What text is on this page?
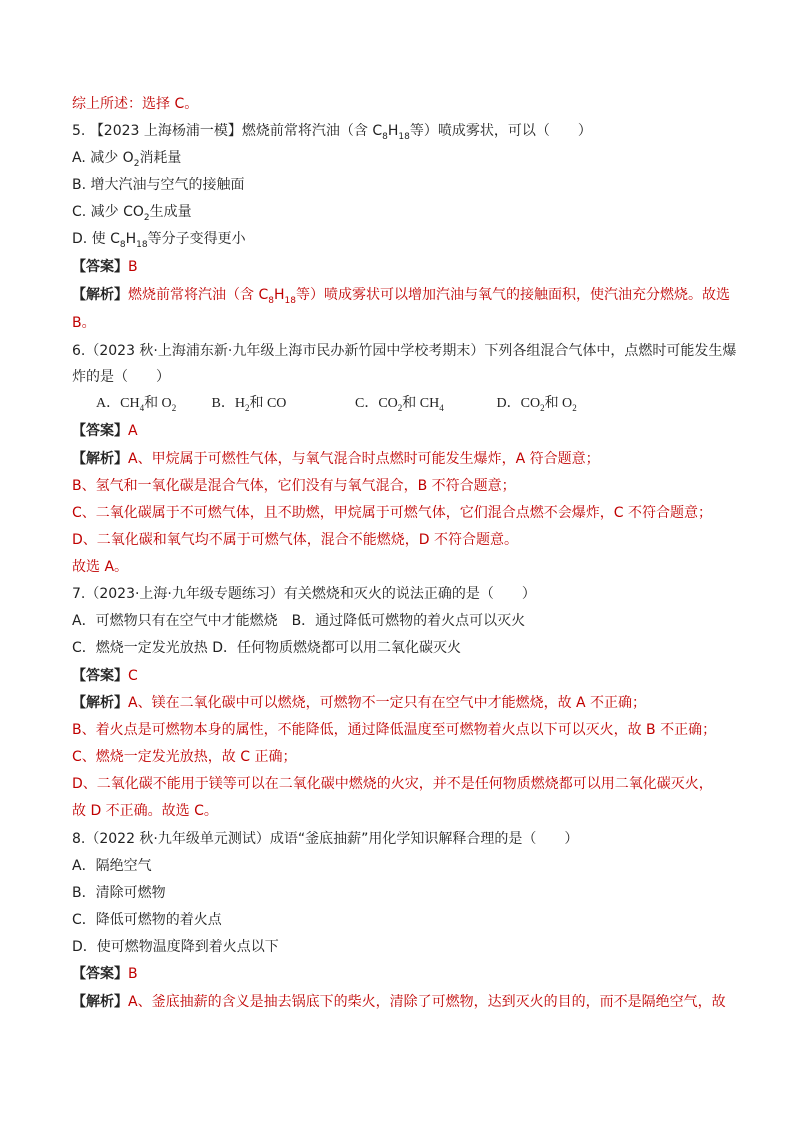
综上所述：选择 C。
5. 【2023 上海杨浦一模】燃烧前常将汽油（含 $C_8H_{18}$等）喷成雾状，可以（　　）
A. 减少 $O_2$消耗量
B. 增大汽油与空气的接触面
C. 减少 $CO_2$生成量
D. 使 $C_8H_{18}$等分子变得更小
【答案】B
【解析】燃烧前常将汽油（含 $C_8H_{18}$等）喷成雾状可以增加汽油与氧气的接触面积，使汽油充分燃烧。故选
B。
6.（2023 秋·上海浦东新·九年级上海市民办新竹园中学校考期末）下列各组混合气体中，点燃时可能发生爆
炸的是（　　）
A．$CH_4$和 $O_2$	B．$H_2$和 CO	C．$CO_2$和 $CH_4$	D．$CO_2$和 $O_2$
【答案】A
【解析】A、甲烷属于可燃性气体，与氧气混合时点燃时可能发生爆炸，A 符合题意；
B、氢气和一氧化碳是混合气体，它们没有与氧气混合，B 不符合题意；
C、二氧化碳属于不可燃气体，且不助燃，甲烷属于可燃气体，它们混合点燃不会爆炸，C 不符合题意；
D、二氧化碳和氧气均不属于可燃气体，混合不能燃烧，D 不符合题意。
故选 A。
7.（2023·上海·九年级专题练习）有关燃烧和灭火的说法正确的是（　　）
A．可燃物只有在空气中才能燃烧　B．通过降低可燃物的着火点可以灭火
C．燃烧一定发光放热 D．任何物质燃烧都可以用二氧化碳灭火
【答案】C
【解析】A、镁在二氧化碳中可以燃烧，可燃物不一定只有在空气中才能燃烧，故 A 不正确；
B、着火点是可燃物本身的属性，不能降低，通过降低温度至可燃物着火点以下可以灭火，故 B 不正确；
C、燃烧一定发光放热，故 C 正确；
D、二氧化碳不能用于镁等可以在二氧化碳中燃烧的火灾，并不是任何物质燃烧都可以用二氧化碳灭火，
故 D 不正确。故选 C。
8.（2022 秋·九年级单元测试）成语“釜底抽薪”用化学知识解释合理的是（　　）
A．隔绝空气
B．清除可燃物
C．降低可燃物的着火点
D．使可燃物温度降到着火点以下
【答案】B
【解析】A、釜底抽薪的含义是抽去锅底下的柴火，清除了可燃物，达到灭火的目的，而不是隔绝空气，故
